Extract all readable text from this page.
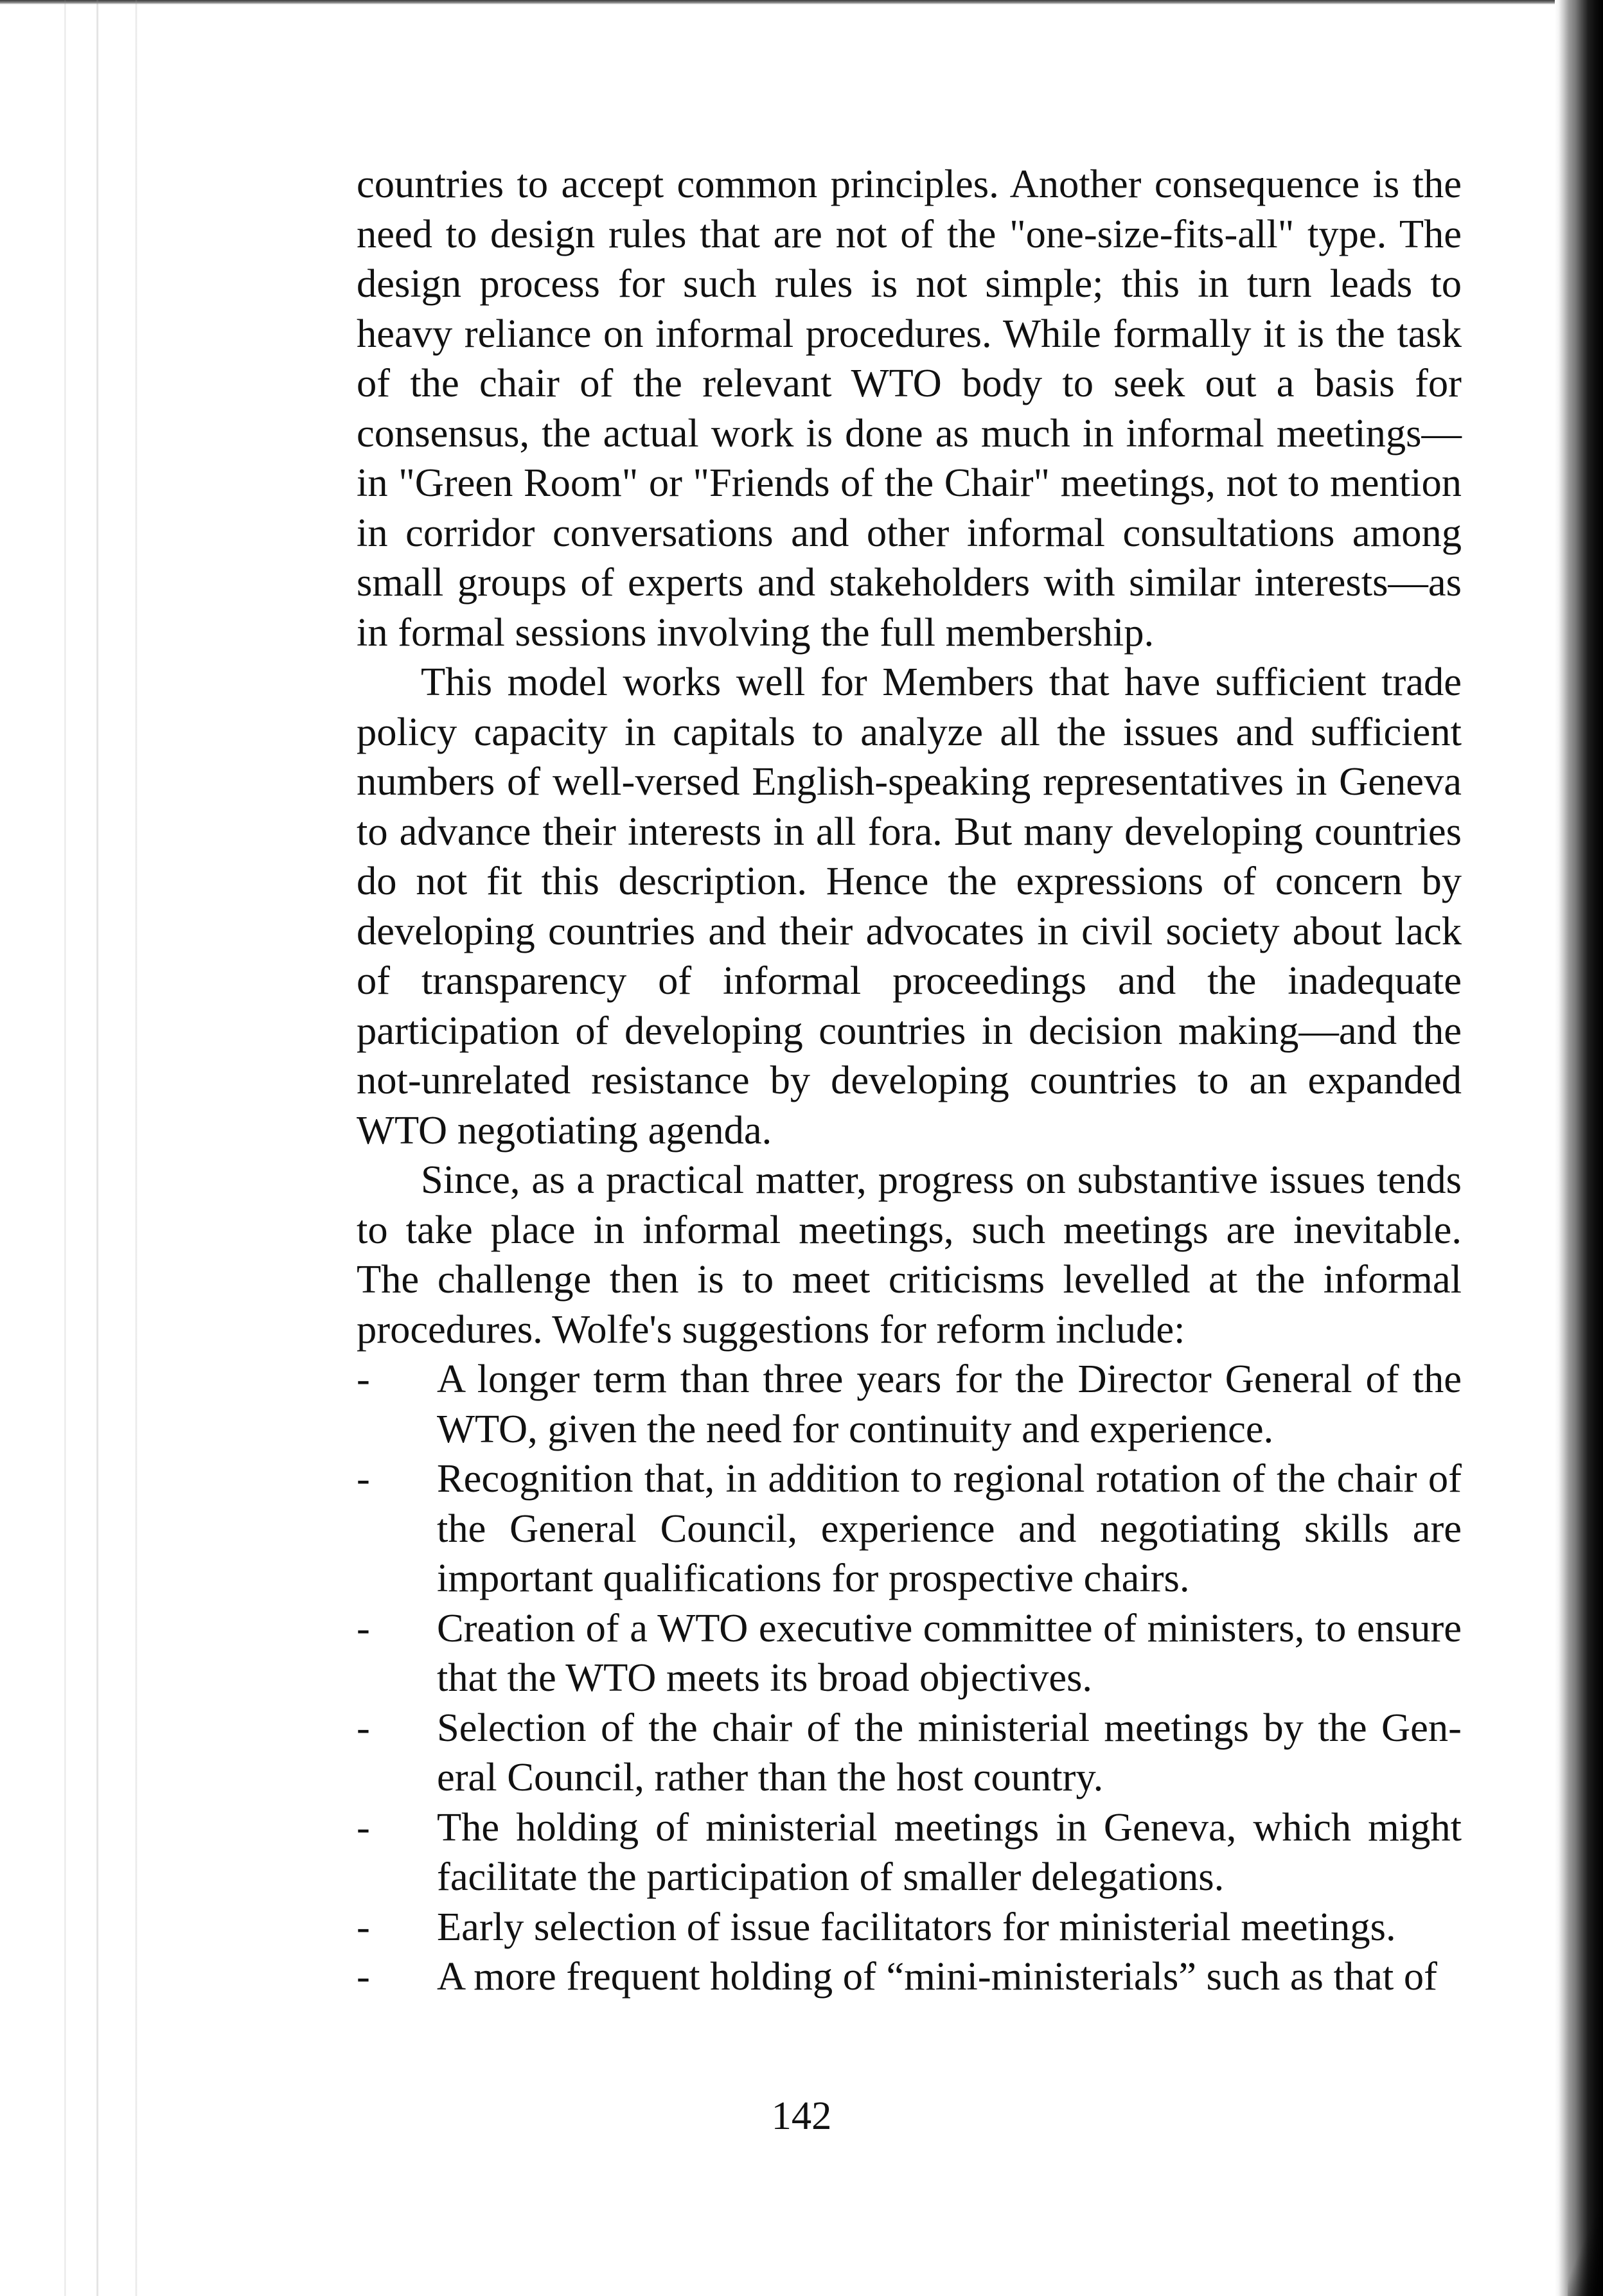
countries to accept common principles. Another consequence is the need to design rules that are not of the "one-size-fits-all" type. The design process for such rules is not simple; this in turn leads to heavy reliance on informal procedures. While formally it is the task of the chair of the relevant WTO body to seek out a basis for consensus, the actual work is done as much in informal meetings—in "Green Room" or "Friends of the Chair" meetings, not to mention in corridor conversations and other informal consultations among small groups of experts and stakeholders with similar interests—as in formal sessions involving the full membership.

This model works well for Members that have sufficient trade policy capacity in capitals to analyze all the issues and sufficient numbers of well-versed English-speaking representatives in Geneva to advance their interests in all fora. But many developing countries do not fit this description. Hence the expressions of concern by developing countries and their advocates in civil society about lack of transparency of informal proceedings and the inadequate participation of developing countries in decision making—and the not-unrelated resistance by developing countries to an expanded WTO negotiating agenda.

Since, as a practical matter, progress on substantive issues tends to take place in informal meetings, such meetings are inevitable. The challenge then is to meet criticisms levelled at the informal procedures. Wolfe's suggestions for reform include:

-	A longer term than three years for the Director General of the WTO, given the need for continuity and experience.
-	Recognition that, in addition to regional rotation of the chair of the General Council, experience and negotiating skills are important qualifications for prospective chairs.
-	Creation of a WTO executive committee of ministers, to ensure that the WTO meets its broad objectives.
-	Selection of the chair of the ministerial meetings by the General Council, rather than the host country.
-	The holding of ministerial meetings in Geneva, which might facilitate the participation of smaller delegations.
-	Early selection of issue facilitators for ministerial meetings.
-	A more frequent holding of “mini-ministerials” such as that of
142
